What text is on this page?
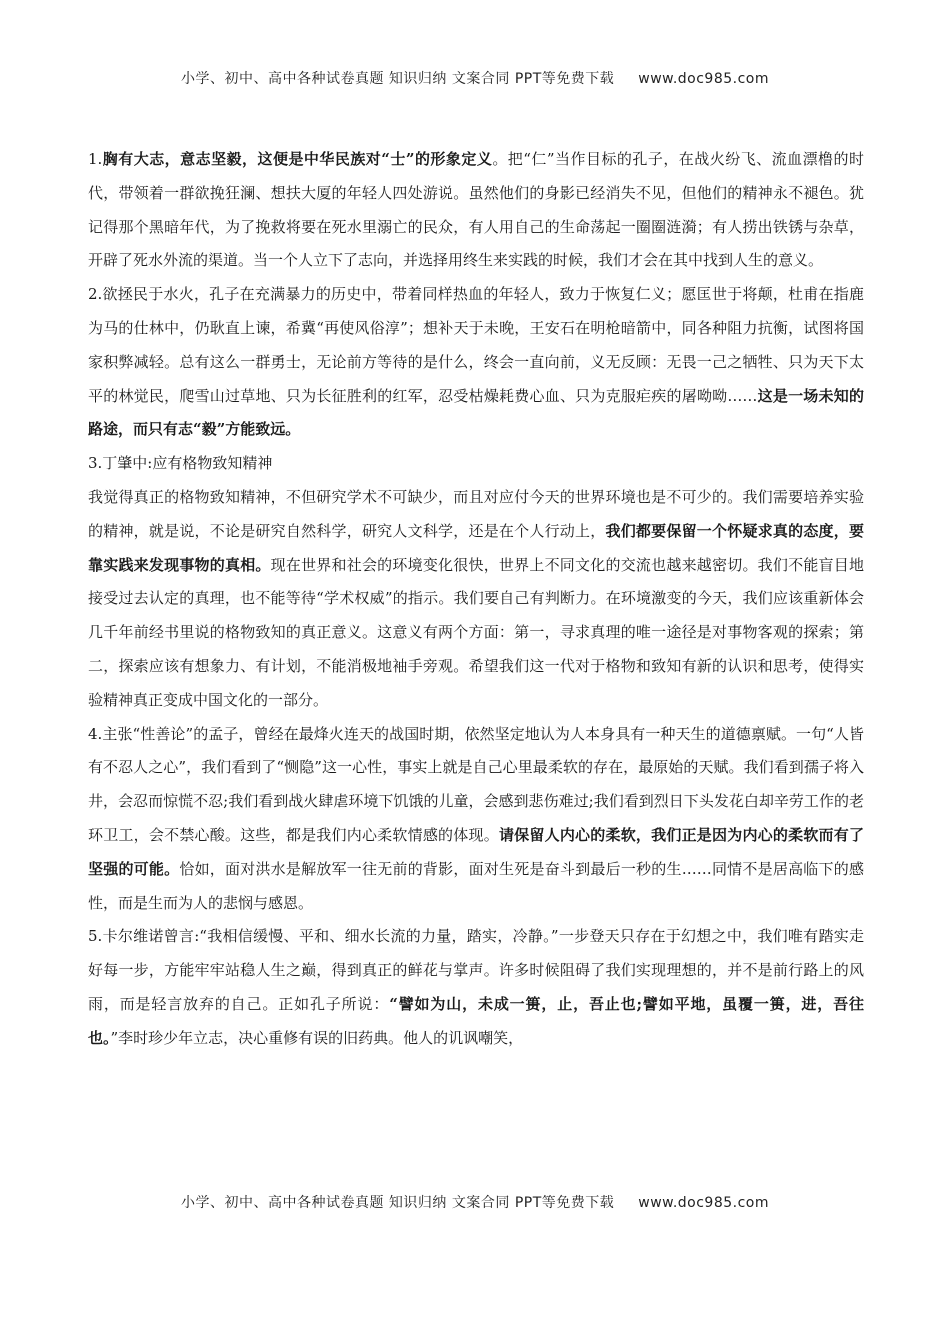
小学、初中、高中各种试卷真题 知识归纳 文案合同 PPT等免费下载 www.doc985.com

1.胸有大志，意志坚毅，这便是中华民族对“士”的形象定义。把“仁”当作目标的孔子，在战火纷飞、流血漂橹的时代，带领着一群欲挽狂澜、想扶大厦的年轻人四处游说。虽然他们的身影已经消失不见，但他们的精神永不褪色。犹记得那个黑暗年代，为了挽救将要在死水里溺亡的民众，有人用自己的生命荡起一圈圈涟漪；有人捞出铁锈与杂草，开辟了死水外流的渠道。当一个人立下了志向，并选择用终生来实践的时候，我们才会在其中找到人生的意义。

2.欲拯民于水火，孔子在充满暴力的历史中，带着同样热血的年轻人，致力于恢复仁义；愿匡世于将颠，杜甫在指鹿为马的仕林中，仍耿直上谏，希冀“再使风俗淳”；想补天于未晚，王安石在明枪暗箭中，同各种阻力抗衡，试图将国家积弊减轻。总有这么一群勇士，无论前方等待的是什么，终会一直向前，义无反顾：无畏一己之牺牲、只为天下太平的林觉民，爬雪山过草地、只为长征胜利的红军，忍受枯燥耗费心血、只为克服疟疾的屠呦呦……这是一场未知的路途，而只有志“毅”方能致远。

3.丁肇中:应有格物致知精神

我觉得真正的格物致知精神，不但研究学术不可缺少，而且对应付今天的世界环境也是不可少的。我们需要培养实验的精神，就是说，不论是研究自然科学，研究人文科学，还是在个人行动上，我们都要保留一个怀疑求真的态度，要靠实践来发现事物的真相。现在世界和社会的环境变化很快，世界上不同文化的交流也越来越密切。我们不能盲目地接受过去认定的真理，也不能等待“学术权威”的指示。我们要自己有判断力。在环境激变的今天，我们应该重新体会几千年前经书里说的格物致知的真正意义。这意义有两个方面：第一，寻求真理的唯一途径是对事物客观的探索；第二，探索应该有想象力、有计划，不能消极地袖手旁观。希望我们这一代对于格物和致知有新的认识和思考，使得实验精神真正变成中国文化的一部分。

4.主张“性善论”的孟子，曾经在最烽火连天的战国时期，依然坚定地认为人本身具有一种天生的道德禀赋。一句“人皆有不忍人之心”，我们看到了“恻隐”这一心性，事实上就是自己心里最柔软的存在，最原始的天赋。我们看到孺子将入井，会忍而惊慌不忍;我们看到战火肆虐环境下饥饿的儿童，会感到悲伤难过;我们看到烈日下头发花白却辛劳工作的老环卫工，会不禁心酸。这些，都是我们内心柔软情感的体现。请保留人内心的柔软，我们正是因为内心的柔软而有了坚强的可能。恰如，面对洪水是解放军一往无前的背影，面对生死是奋斗到最后一秒的生……同情不是居高临下的感性，而是生而为人的悲悯与感恩。

5.卡尔维诺曾言:“我相信缓慢、平和、细水长流的力量，踏实，冷静。”一步登天只存在于幻想之中，我们唯有踏实走好每一步，方能牢牢站稳人生之巅，得到真正的鲜花与掌声。许多时候阻碍了我们实现理想的，并不是前行路上的风雨，而是轻言放弃的自己。正如孔子所说：“譬如为山，未成一篑，止，吾止也;譬如平地，虽覆一篑，进，吾往也。”李时珍少年立志，决心重修有误的旧药典。他人的讥讽嘲笑，

小学、初中、高中各种试卷真题 知识归纳 文案合同 PPT等免费下载 www.doc985.com
